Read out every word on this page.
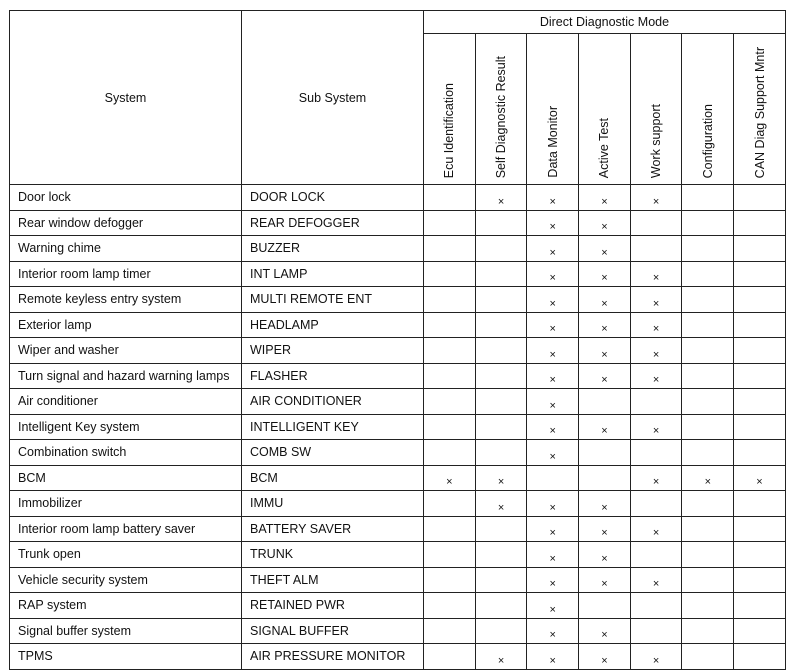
System	Sub System	Direct Diagnostic Mode						

		Ecu Identification	Self Diagnostic Result	Data Monitor	Active Test	Work support	Configuration	CAN Diag Support Mntr

Door lock	DOOR LOCK		×	×	×	×		
Rear window defogger	REAR DEFOGGER			×	×			
Warning chime	BUZZER			×	×			
Interior room lamp timer	INT LAMP			×	×	×		
Remote keyless entry system	MULTI REMOTE ENT			×	×	×		
Exterior lamp	HEADLAMP			×	×	×		
Wiper and washer	WIPER			×	×	×		
Turn signal and hazard warning lamps	FLASHER			×	×	×		
Air conditioner	AIR CONDITIONER			×				
Intelligent Key system	INTELLIGENT KEY			×	×	×		
Combination switch	COMB SW			×				
BCM	BCM	×	×			×	×	×
Immobilizer	IMMU		×	×	×			
Interior room lamp battery saver	BATTERY SAVER			×	×	×		
Trunk open	TRUNK			×	×			
Vehicle security system	THEFT ALM			×	×	×		
RAP system	RETAINED PWR			×				
Signal buffer system	SIGNAL BUFFER			×	×			
TPMS	AIR PRESSURE MONITOR		×	×	×	×		
